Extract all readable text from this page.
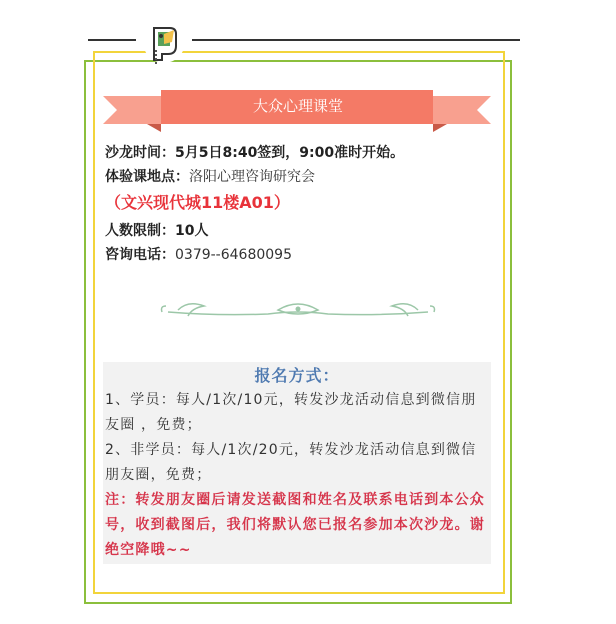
大众心理课堂
沙龙时间：5月5日8:40签到，9:00准时开始。
体验课地点：洛阳心理咨询研究会（文兴现代城11楼A01）
人数限制：10人
咨询电话：0379--64680095
报名方式：
1、学员：每人/1次/10元，转发沙龙活动信息到微信朋友圈 ，免费；
2、非学员：每人/1次/20元，转发沙龙活动信息到微信朋友圈，免费；
注：转发朋友圈后请发送截图和姓名及联系电话到本公众号，收到截图后，我们将默认您已报名参加本次沙龙。谢绝空降哦~~
